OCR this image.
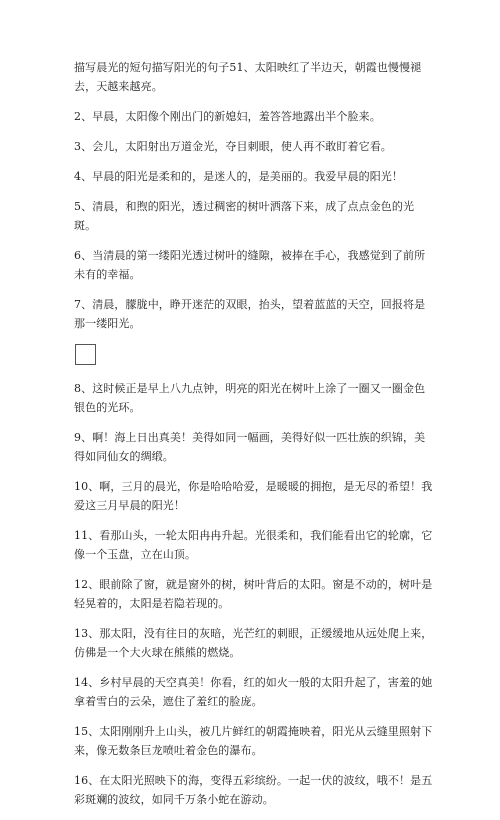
描写晨光的短句描写阳光的句子51、太阳映红了半边天，朝霞也慢慢褪去，天越来越亮。

2、早晨，太阳像个刚出门的新媳妇，羞答答地露出半个脸来。

3、会儿，太阳射出万道金光，夺目刺眼，使人再不敢盯着它看。

4、早晨的阳光是柔和的，是迷人的，是美丽的。我爱早晨的阳光！

5、清晨，和煦的阳光，透过稠密的树叶洒落下来，成了点点金色的光斑。

6、当清晨的第一缕阳光透过树叶的缝隙，被捧在手心，我感觉到了前所未有的幸福。

7、清晨，朦胧中，睁开迷茫的双眼，抬头，望着蓝蓝的天空，回报将是那一缕阳光。

8、这时候正是早上八九点钟，明亮的阳光在树叶上涂了一圈又一圈金色银色的光环。

9、啊！海上日出真美！美得如同一幅画，美得好似一匹壮族的织锦，美得如同仙女的绸缎。

10、啊，三月的晨光，你是哈哈哈爱，是暖暖的拥抱，是无尽的希望！我爱这三月早晨的阳光！

11、看那山头，一轮太阳冉冉升起。光很柔和，我们能看出它的轮廓，它像一个玉盘，立在山顶。

12、眼前除了窗，就是窗外的树，树叶背后的太阳。窗是不动的，树叶是轻晃着的，太阳是若隐若现的。

13、那太阳，没有往日的灰暗，光芒红的刺眼，正缓缓地从远处爬上来，仿佛是一个大火球在熊熊的燃烧。

14、乡村早晨的天空真美！你看，红的如火一般的太阳升起了，害羞的她拿着雪白的云朵，遮住了羞红的脸庞。

15、太阳刚刚升上山头，被几片鲜红的朝霞掩映着，阳光从云缝里照射下来，像无数条巨龙喷吐着金色的瀑布。

16、在太阳光照映下的海，变得五彩缤纷。一起一伏的波纹，哦不！是五彩斑斓的波纹，如同千万条小蛇在游动。
